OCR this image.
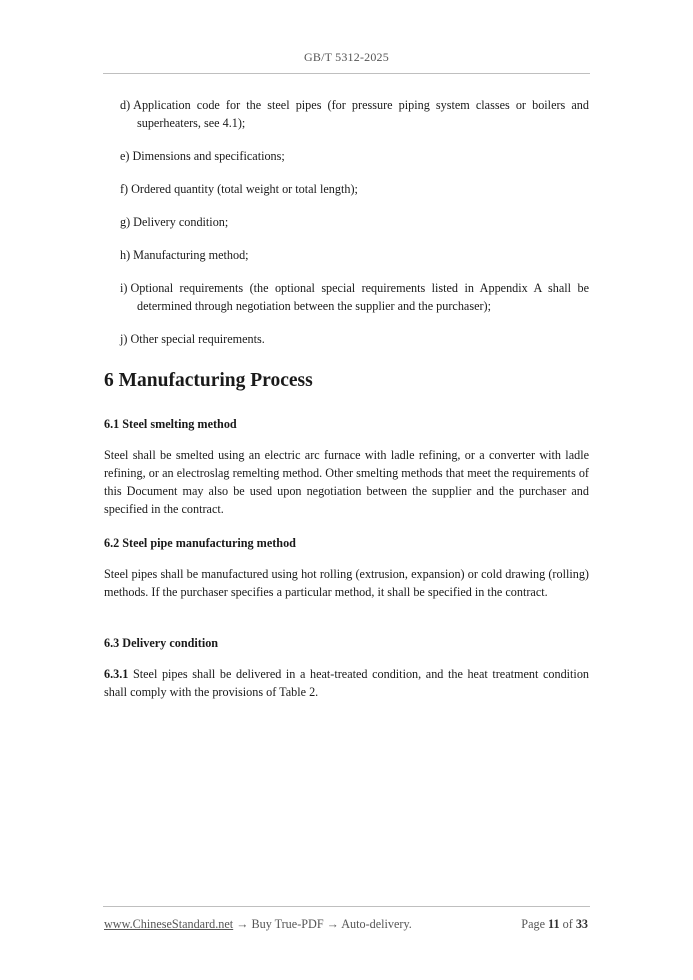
GB/T 5312-2025
d) Application code for the steel pipes (for pressure piping system classes or boilers and superheaters, see 4.1);
e) Dimensions and specifications;
f) Ordered quantity (total weight or total length);
g) Delivery condition;
h) Manufacturing method;
i) Optional requirements (the optional special requirements listed in Appendix A shall be determined through negotiation between the supplier and the purchaser);
j) Other special requirements.
6 Manufacturing Process

6.1 Steel smelting method

Steel shall be smelted using an electric arc furnace with ladle refining, or a converter with ladle refining, or an electroslag remelting method. Other smelting methods that meet the requirements of this Document may also be used upon negotiation between the supplier and the purchaser and specified in the contract.

6.2 Steel pipe manufacturing method

Steel pipes shall be manufactured using hot rolling (extrusion, expansion) or cold drawing (rolling) methods. If the purchaser specifies a particular method, it shall be specified in the contract.

6.3 Delivery condition

6.3.1 Steel pipes shall be delivered in a heat-treated condition, and the heat treatment condition shall comply with the provisions of Table 2.

www.ChineseStandard.net → Buy True-PDF → Auto-delivery.	Page 11 of 33
